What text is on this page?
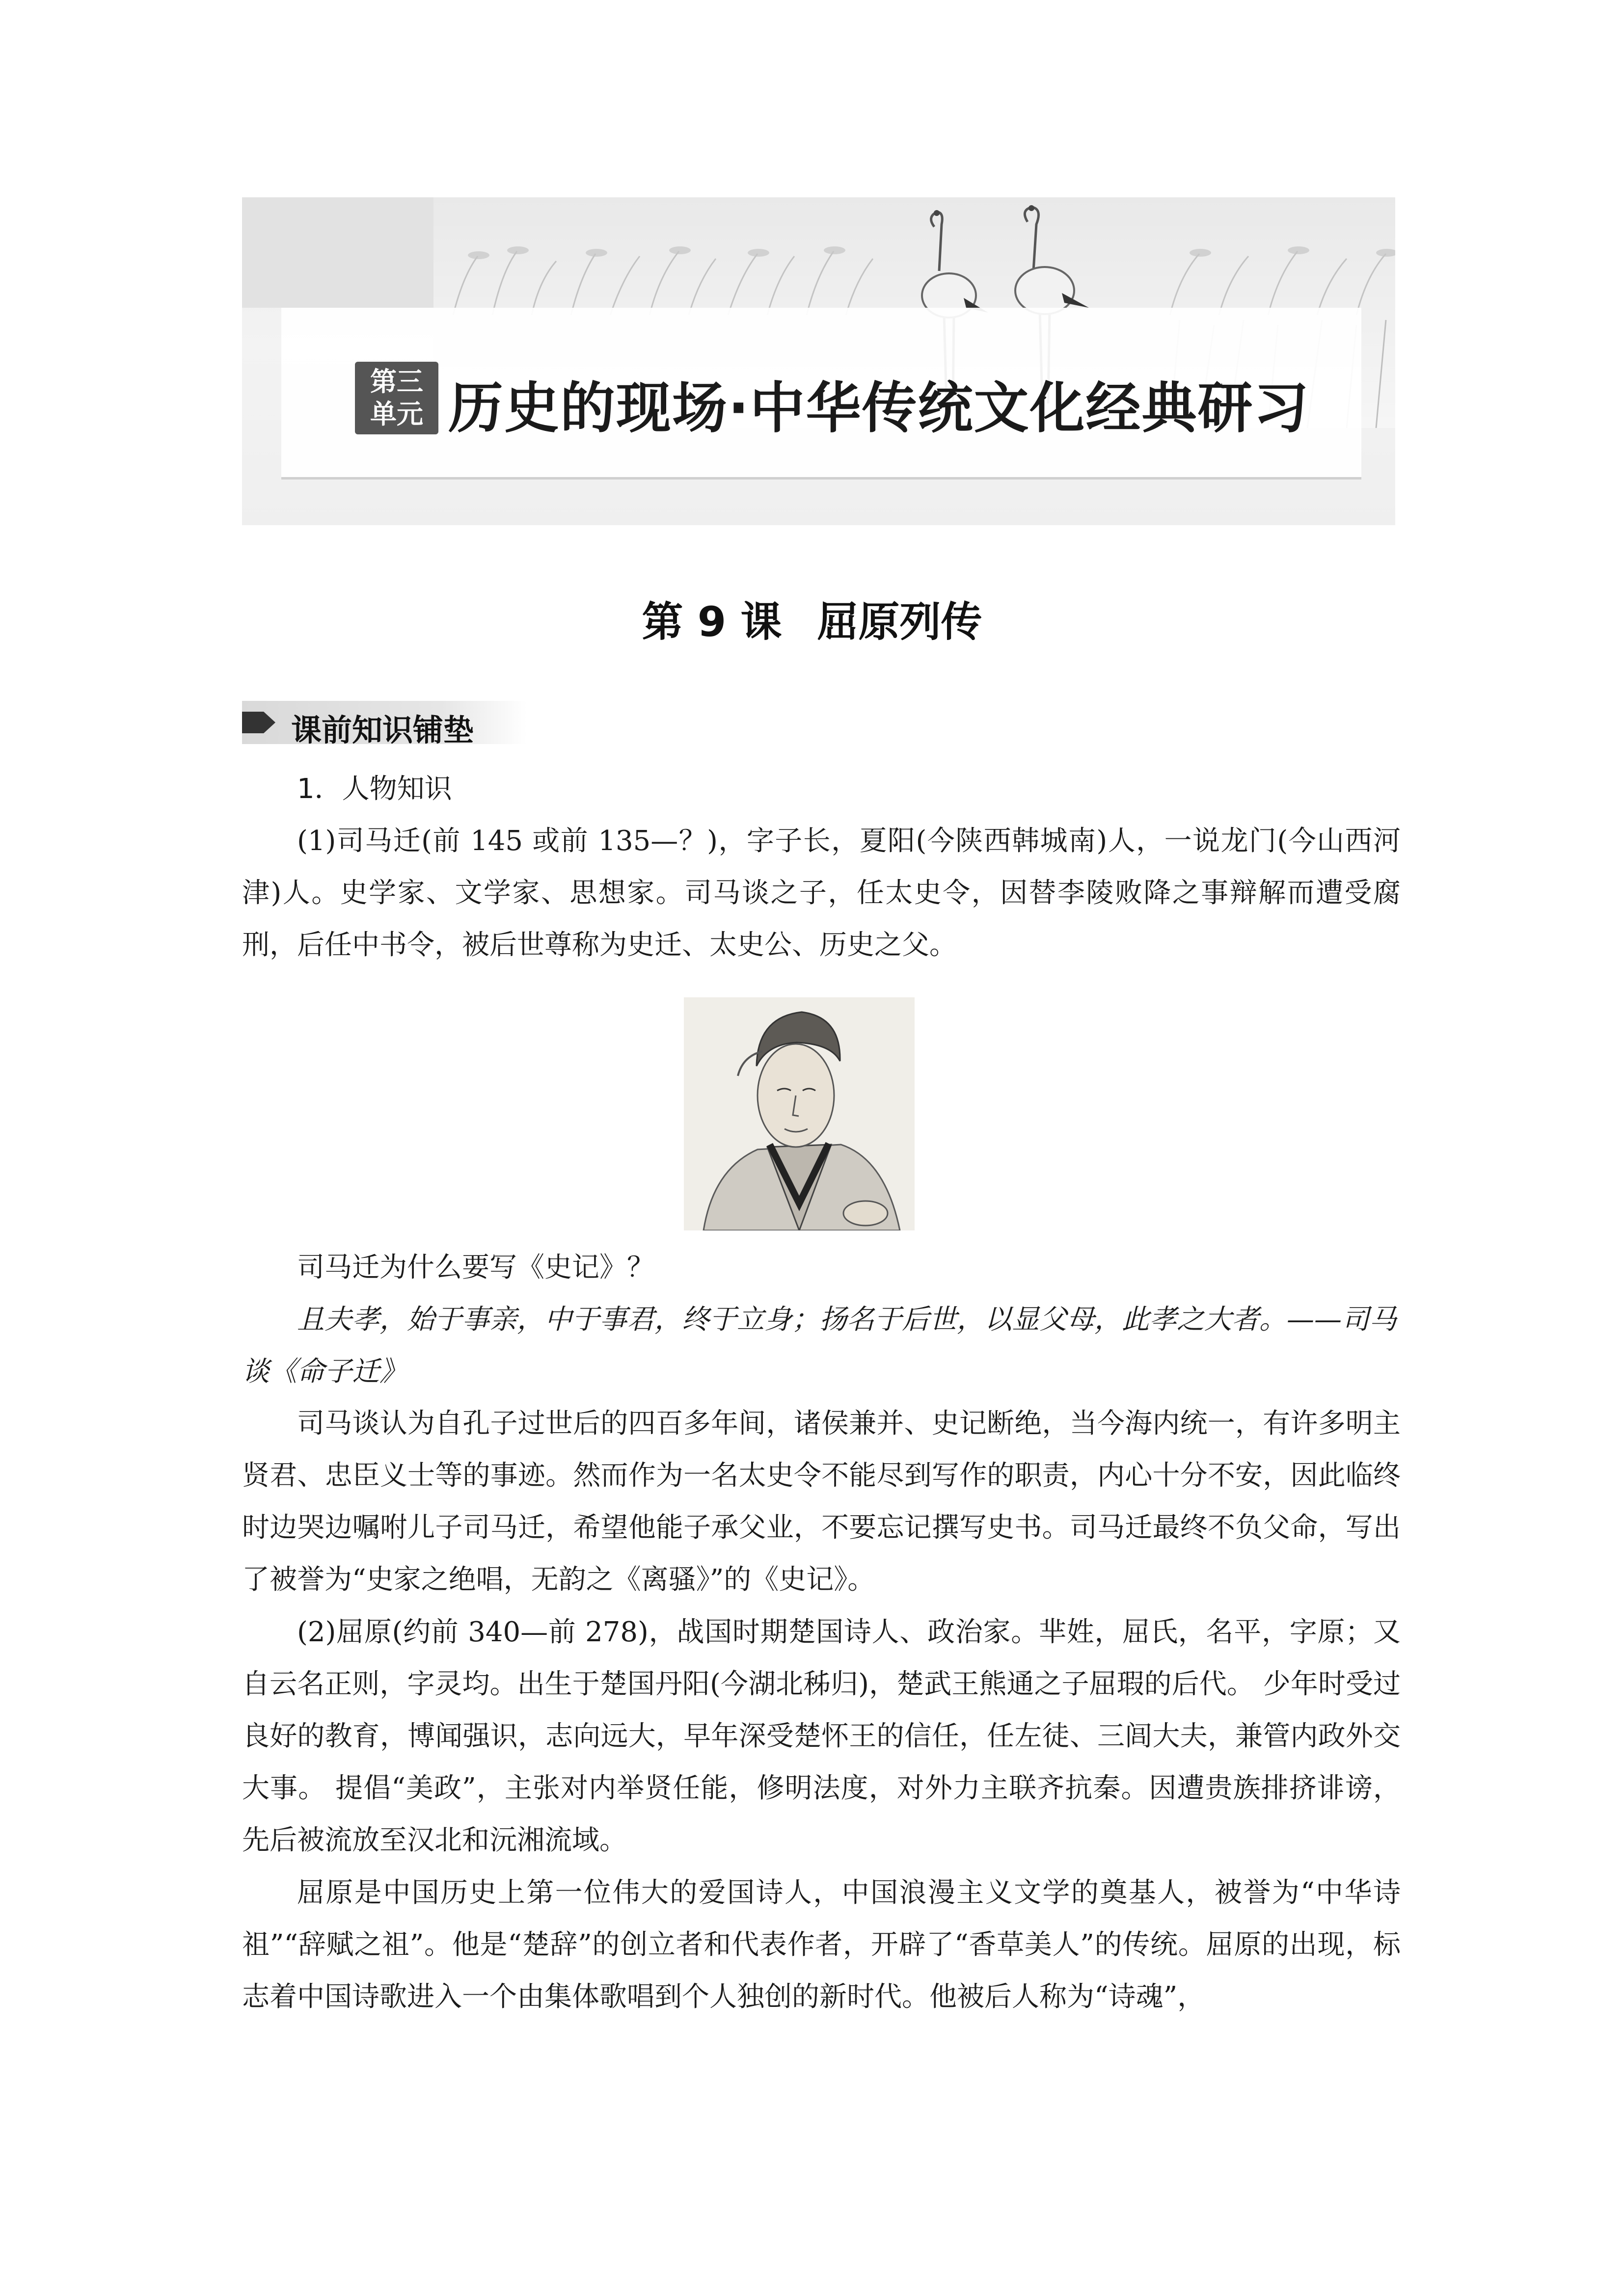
第三
单元 历史的现场·中华传统文化经典研习
第 9 课 屈原列传
课前知识铺垫
1．人物知识

(1)司马迁(前 145 或前 135—？)，字子长，夏阳(今陕西韩城南)人，一说龙门(今山西河津)人。史学家、文学家、思想家。司马谈之子，任太史令，因替李陵败降之事辩解而遭受腐刑，后任中书令，被后世尊称为史迁、太史公、历史之父。

司马迁为什么要写《史记》？

且夫孝，始于事亲，中于事君，终于立身；扬名于后世，以显父母，此孝之大者。——司马谈《命子迁》

司马谈认为自孔子过世后的四百多年间，诸侯兼并、史记断绝，当今海内统一，有许多明主贤君、忠臣义士等的事迹。然而作为一名太史令不能尽到写作的职责，内心十分不安，因此临终时边哭边嘱咐儿子司马迁，希望他能子承父业，不要忘记撰写史书。司马迁最终不负父命，写出了被誉为“史家之绝唱，无韵之《离骚》”的《史记》。

(2)屈原(约前 340—前 278)，战国时期楚国诗人、政治家。芈姓，屈氏，名平，字原；又自云名正则，字灵均。出生于楚国丹阳(今湖北秭归)，楚武王熊通之子屈瑕的后代。 少年时受过良好的教育，博闻强识，志向远大，早年深受楚怀王的信任，任左徒、三闾大夫，兼管内政外交大事。 提倡“美政”，主张对内举贤任能，修明法度，对外力主联齐抗秦。因遭贵族排挤诽谤，先后被流放至汉北和沅湘流域。

屈原是中国历史上第一位伟大的爱国诗人，中国浪漫主义文学的奠基人，被誉为“中华诗祖”“辞赋之祖”。他是“楚辞”的创立者和代表作者，开辟了“香草美人”的传统。屈原的出现，标志着中国诗歌进入一个由集体歌唱到个人独创的新时代。他被后人称为“诗魂”，
